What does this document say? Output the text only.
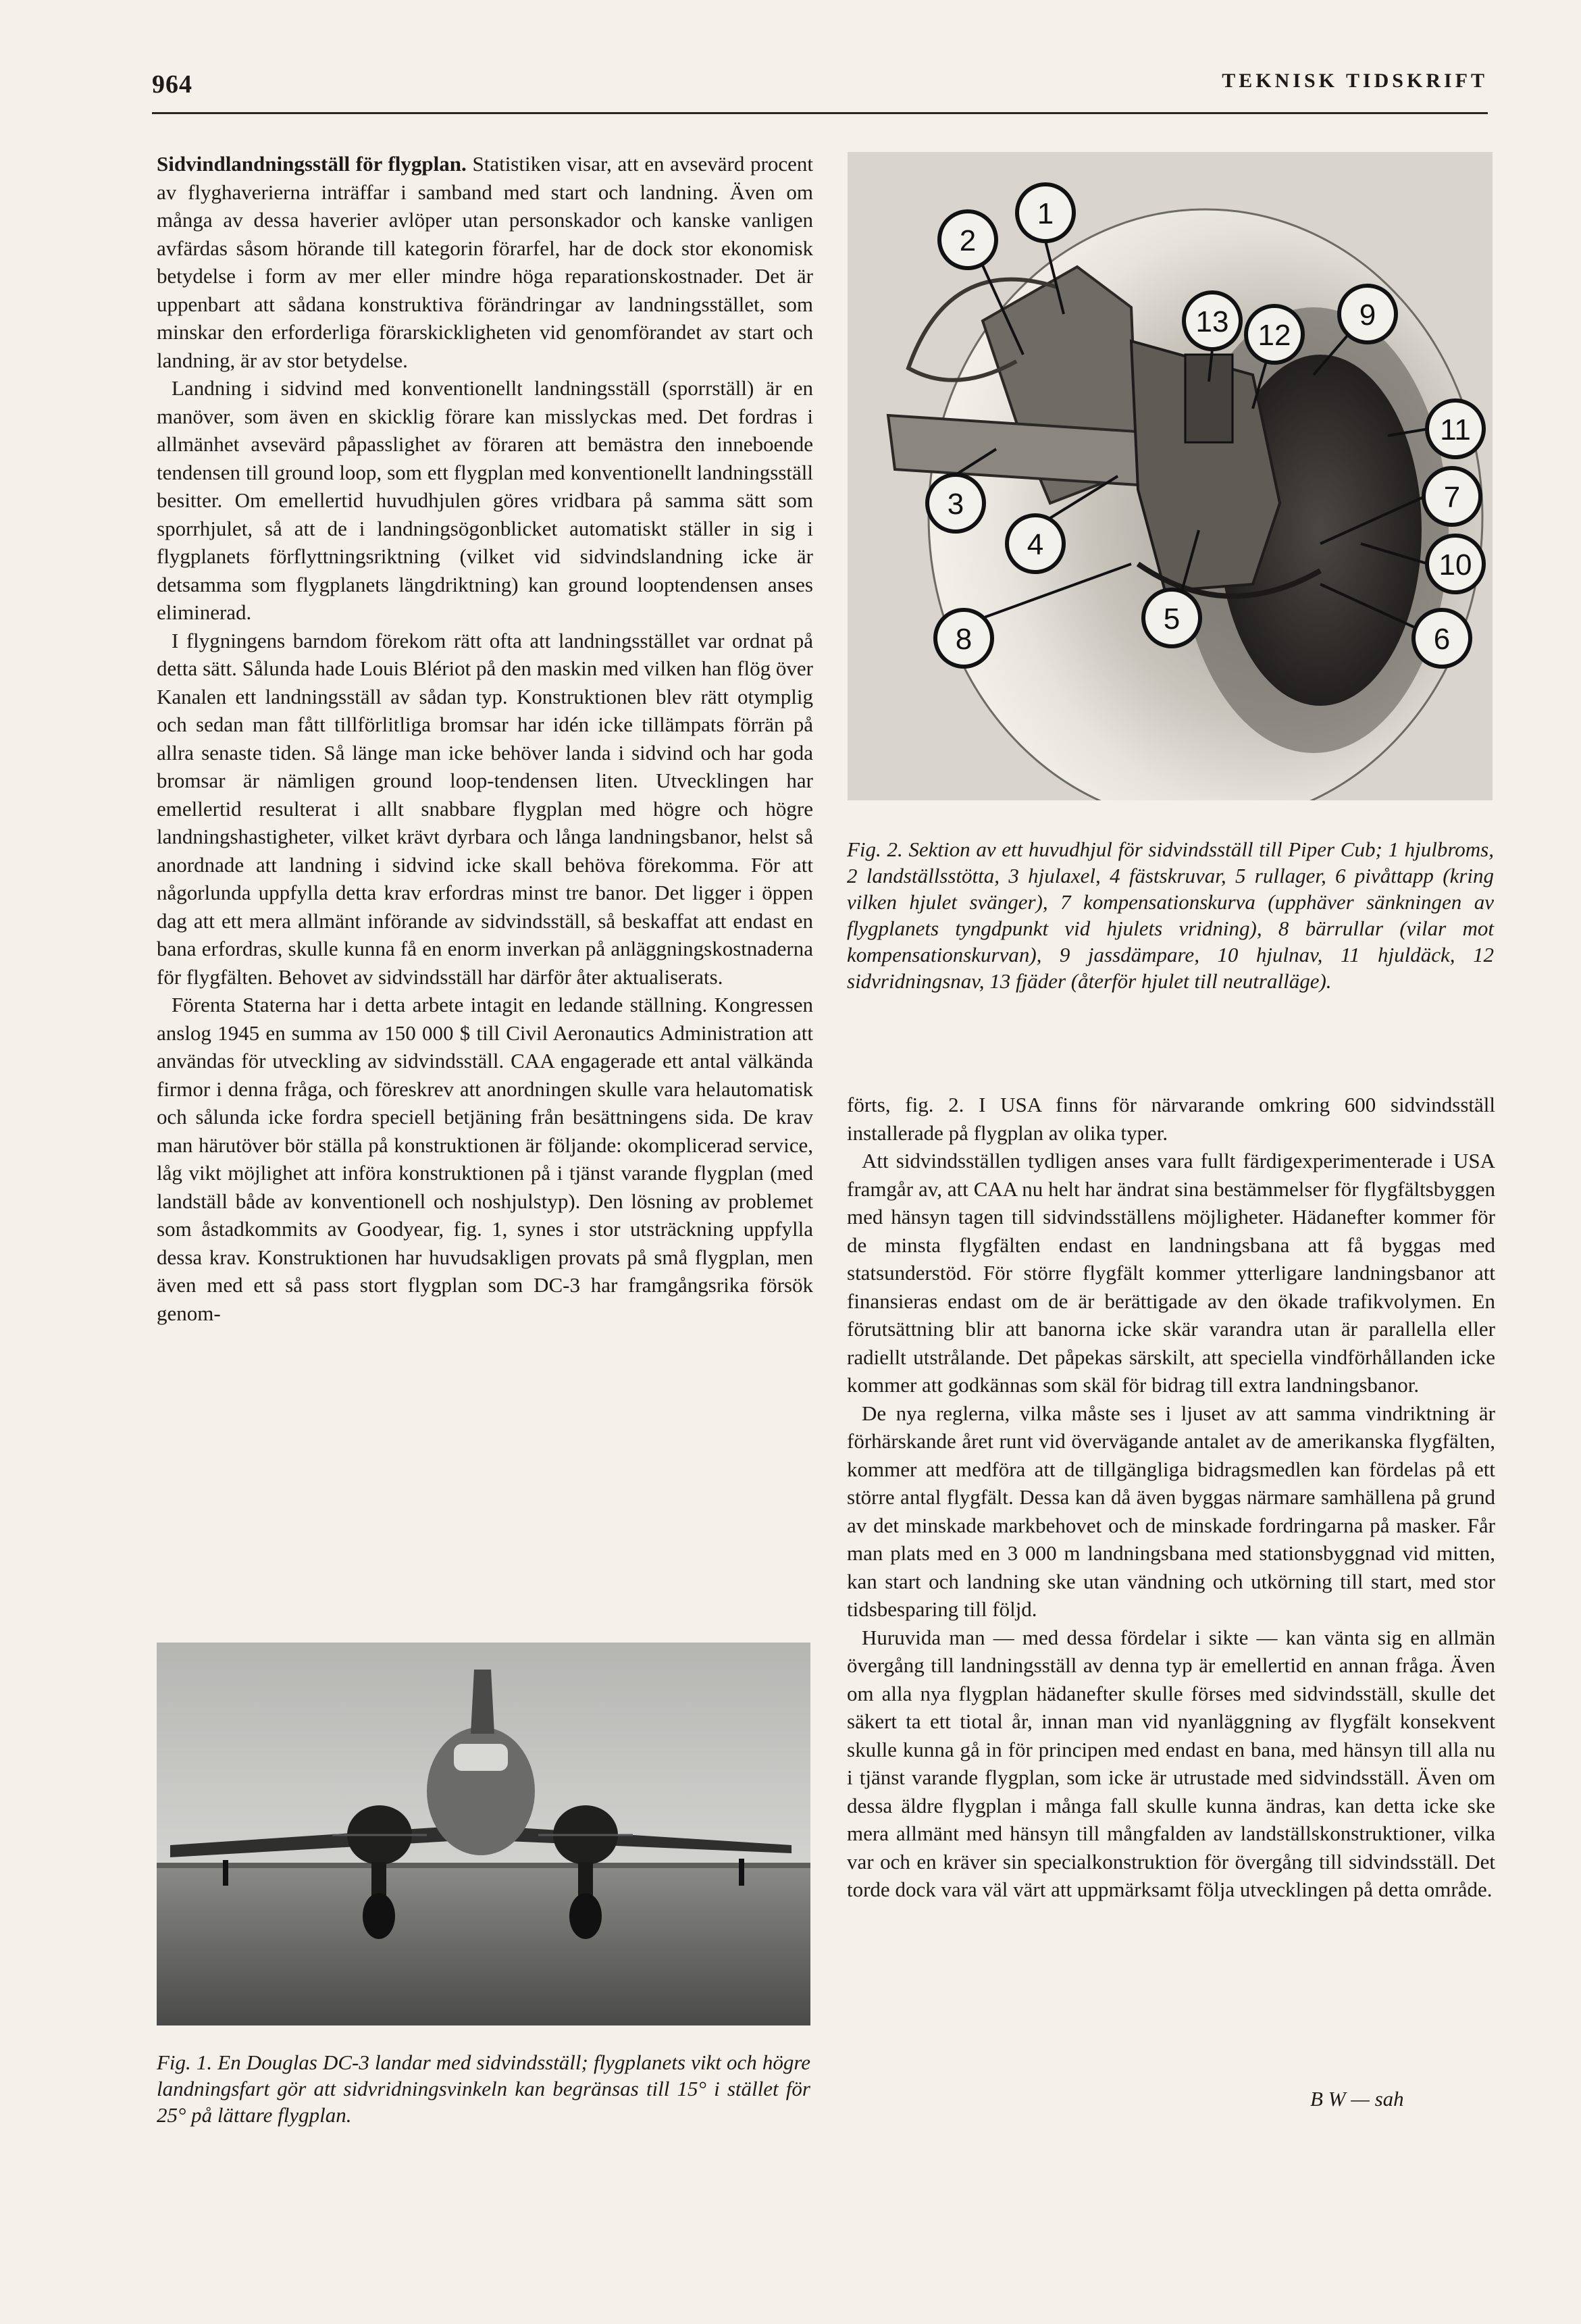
964	TEKNISK TIDSKRIFT

Sidvindlandningsställ för flygplan. Statistiken visar, att en avsevärd procent av flyghaverierna inträffar i samband med start och landning. Även om många av dessa haverier avlöper utan personskador och kanske vanligen avfärdas såsom hörande till kategorin förarfel, har de dock stor ekonomisk betydelse i form av mer eller mindre höga reparationskostnader. Det är uppenbart att sådana konstruktiva förändringar av landningsstället, som minskar den erforderliga förarskickligheten vid genomförandet av start och landning, är av stor betydelse.

Landning i sidvind med konventionellt landningsställ (sporrställ) är en manöver, som även en skicklig förare kan misslyckas med. Det fordras i allmänhet avsevärd påpasslighet av föraren att bemästra den inneboende tendensen till ground loop, som ett flygplan med konventionellt landningsställ besitter. Om emellertid huvudhjulen göres vridbara på samma sätt som sporrhjulet, så att de i landningsögonblicket automatiskt ställer in sig i flygplanets förflyttningsriktning (vilket vid sidvindslandning icke är detsamma som flygplanets längdriktning) kan ground looptendensen anses eliminerad.

I flygningens barndom förekom rätt ofta att landningsstället var ordnat på detta sätt. Sålunda hade Louis Blériot på den maskin med vilken han flög över Kanalen ett landningsställ av sådan typ. Konstruktionen blev rätt otymplig och sedan man fått tillförlitliga bromsar har idén icke tillämpats förrän på allra senaste tiden. Så länge man icke behöver landa i sidvind och har goda bromsar är nämligen ground loop-tendensen liten. Utvecklingen har emellertid resulterat i allt snabbare flygplan med högre och högre landningshastigheter, vilket krävt dyrbara och långa landningsbanor, helst så anordnade att landning i sidvind icke skall behöva förekomma. För att någorlunda uppfylla detta krav erfordras minst tre banor. Det ligger i öppen dag att ett mera allmänt införande av sidvindsställ, så beskaffat att endast en bana erfordras, skulle kunna få en enorm inverkan på anläggningskostnaderna för flygfälten. Behovet av sidvindsställ har därför åter aktualiserats.

Förenta Staterna har i detta arbete intagit en ledande ställning. Kongressen anslog 1945 en summa av 150 000 $ till Civil Aeronautics Administration att användas för utveckling av sidvindsställ. CAA engagerade ett antal välkända firmor i denna fråga, och föreskrev att anordningen skulle vara helautomatisk och sålunda icke fordra speciell betjäning från besättningens sida. De krav man härutöver bör ställa på konstruktionen är följande: okomplicerad service, låg vikt möjlighet att införa konstruktionen på i tjänst varande flygplan (med landställ både av konventionell och noshjulstyp). Den lösning av problemet som åstadkommits av Goodyear, fig. 1, synes i stor utsträckning uppfylla dessa krav. Konstruktionen har huvudsakligen provats på små flygplan, men även med ett så pass stort flygplan som DC-3 har framgångsrika försök genom-

1
2
3
4
5
6
7
8
9
10
11
12
13
Fig. 2. Sektion av ett huvudhjul för sidvindsställ till Piper Cub; 1 hjulbroms, 2 landställsstötta, 3 hjulaxel, 4 fästskruvar, 5 rullager, 6 pivåttapp (kring vilken hjulet svänger), 7 kompensationskurva (upphäver sänkningen av flygplanets tyngdpunkt vid hjulets vridning), 8 bärrullar (vilar mot kompensationskurvan), 9 jassdämpare, 10 hjulnav, 11 hjuldäck, 12 sidvridningsnav, 13 fjäder (återför hjulet till neutralläge).

förts, fig. 2. I USA finns för närvarande omkring 600 sidvindsställ installerade på flygplan av olika typer.

Att sidvindsställen tydligen anses vara fullt färdigexperimenterade i USA framgår av, att CAA nu helt har ändrat sina bestämmelser för flygfältsbyggen med hänsyn tagen till sidvindsställens möjligheter. Hädanefter kommer för de minsta flygfälten endast en landningsbana att få byggas med statsunderstöd. För större flygfält kommer ytterligare landningsbanor att finansieras endast om de är berättigade av den ökade trafikvolymen. En förutsättning blir att banorna icke skär varandra utan är parallella eller radiellt utstrålande. Det påpekas särskilt, att speciella vindförhållanden icke kommer att godkännas som skäl för bidrag till extra landningsbanor.

De nya reglerna, vilka måste ses i ljuset av att samma vindriktning är förhärskande året runt vid övervägande antalet av de amerikanska flygfälten, kommer att medföra att de tillgängliga bidragsmedlen kan fördelas på ett större antal flygfält. Dessa kan då även byggas närmare samhällena på grund av det minskade markbehovet och de minskade fordringarna på masker. Får man plats med en 3 000 m landningsbana med stationsbyggnad vid mitten, kan start och landning ske utan vändning och utkörning till start, med stor tidsbesparing till följd.

Huruvida man — med dessa fördelar i sikte — kan vänta sig en allmän övergång till landningsställ av denna typ är emellertid en annan fråga. Även om alla nya flygplan hädanefter skulle förses med sidvindsställ, skulle det säkert ta ett tiotal år, innan man vid nyanläggning av flygfält konsekvent skulle kunna gå in för principen med endast en bana, med hänsyn till alla nu i tjänst varande flygplan, som icke är utrustade med sidvindsställ. Även om dessa äldre flygplan i många fall skulle kunna ändras, kan detta icke ske mera allmänt med hänsyn till mångfalden av landställskonstruktioner, vilka var och en kräver sin specialkonstruktion för övergång till sidvindsställ. Det torde dock vara väl värt att uppmärksamt följa utvecklingen på detta område.

B W — sah
Fig. 1. En Douglas DC-3 landar med sidvindsställ; flygplanets vikt och högre landningsfart gör att sidvridningsvinkeln kan begränsas till 15° i stället för 25° på lättare flygplan.
